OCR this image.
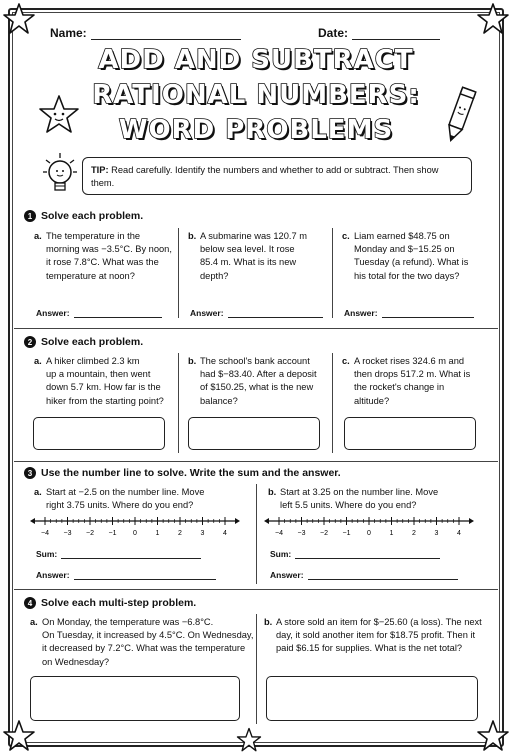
Name:	Date:
ADD AND SUBTRACT
RATIONAL NUMBERS:
WORD PROBLEMS
TIP: Read carefully. Identify the numbers and whether to add or subtract. Then show them.
1 Solve each problem.
a. The temperature in the
morning was −3.5°C. By noon,
it rose 7.8°C. What was the
temperature at noon?
b. A submarine was 120.7 m
below sea level. It rose
85.4 m. What is its new
depth?
c. Liam earned $48.75 on
Monday and $−15.25 on
Tuesday (a refund). What is
his total for the two days?
Answer:	Answer:	Answer:
2 Solve each problem.
a. A hiker climbed 2.3 km
up a mountain, then went
down 5.7 km. How far is the
hiker from the starting point?
b. The school's bank account
had $−83.40. After a deposit
of $150.25, what is the new
balance?
c. A rocket rises 324.6 m and
then drops 517.2 m. What is
the rocket's change in
altitude?
3 Use the number line to solve. Write the sum and the answer.
a. Start at −2.5 on the number line. Move
right 3.75 units. Where do you end?
b. Start at 3.25 on the number line. Move
left 5.5 units. Where do you end?
−4 −3 −2 −1 0	1	2	3	4	−4 −3 −2 −1 0	1	2	3	4
Sum:	Sum:
Answer:	Answer:
4 Solve each multi-step problem.
a. On Monday, the temperature was −6.8°C.
On Tuesday, it increased by 4.5°C. On Wednesday,
it decreased by 7.2°C. What was the temperature
on Wednesday?
b. A store sold an item for $−25.60 (a loss). The next
day, it sold another item for $18.75 profit. Then it
paid $6.15 for supplies. What is the net total?
